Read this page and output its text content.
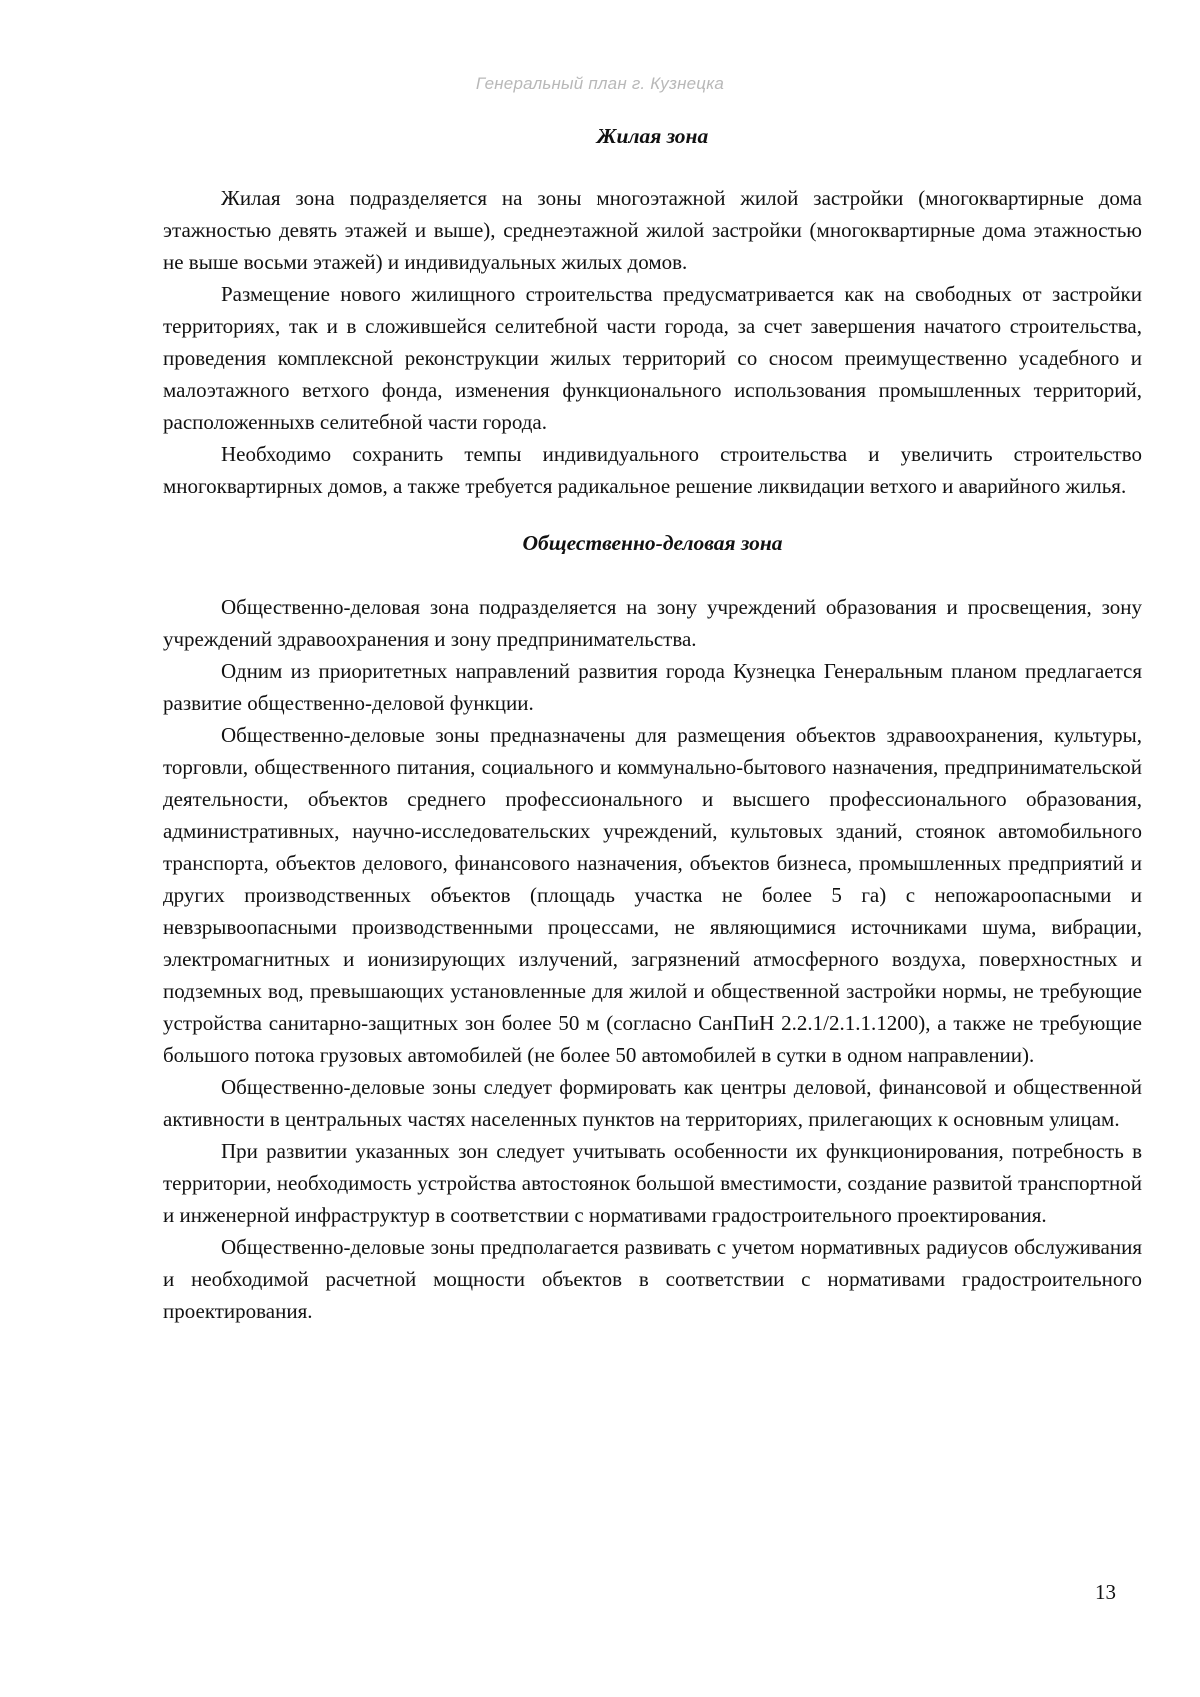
Генеральный план г. Кузнецка
Жилая зона

Жилая зона подразделяется на зоны многоэтажной жилой застройки (многоквартирные дома этажностью девять этажей и выше), среднеэтажной жилой застройки (многоквартирные дома этажностью не выше восьми этажей) и индивидуальных жилых домов.

Размещение нового жилищного строительства предусматривается как на свободных от застройки территориях, так и в сложившейся селитебной части города, за счет завершения начатого строительства, проведения комплексной реконструкции жилых территорий со сносом преимущественно усадебного и малоэтажного ветхого фонда, изменения функционального использования промышленных территорий, расположенныхв селитебной части города.

Необходимо сохранить темпы индивидуального строительства и увеличить строительство многоквартирных домов, а также требуется радикальное решение ликвидации ветхого и аварийного жилья.

Общественно-деловая зона

Общественно-деловая зона подразделяется на зону учреждений образования и просвещения, зону учреждений здравоохранения и зону предпринимательства.

Одним из приоритетных направлений развития города Кузнецка Генеральным планом предлагается развитие общественно-деловой функции.

Общественно-деловые зоны предназначены для размещения объектов здравоохранения, культуры, торговли, общественного питания, социального и коммунально-бытового назначения, предпринимательской деятельности, объектов среднего профессионального и высшего профессионального образования, административных, научно-исследовательских учреждений, культовых зданий, стоянок автомобильного транспорта, объектов делового, финансового назначения, объектов бизнеса, промышленных предприятий и других производственных объектов (площадь участка не более 5 га) с непожароопасными и невзрывоопасными производственными процессами, не являющимися источниками шума, вибрации, электромагнитных и ионизирующих излучений, загрязнений атмосферного воздуха, поверхностных и подземных вод, превышающих установленные для жилой и общественной застройки нормы, не требующие устройства санитарно-защитных зон более 50 м (согласно СанПиН 2.2.1/2.1.1.1200), а также не требующие большого потока грузовых автомобилей (не более 50 автомобилей в сутки в одном направлении).

Общественно-деловые зоны следует формировать как центры деловой, финансовой и общественной активности в центральных частях населенных пунктов на территориях, прилегающих к основным улицам.

При развитии указанных зон следует учитывать особенности их функционирования, потребность в территории, необходимость устройства автостоянок большой вместимости, создание развитой транспортной и инженерной инфраструктур в соответствии с нормативами градостроительного проектирования.

Общественно-деловые зоны предполагается развивать с учетом нормативных радиусов обслуживания и необходимой расчетной мощности объектов в соответствии с нормативами градостроительного проектирования.

13
